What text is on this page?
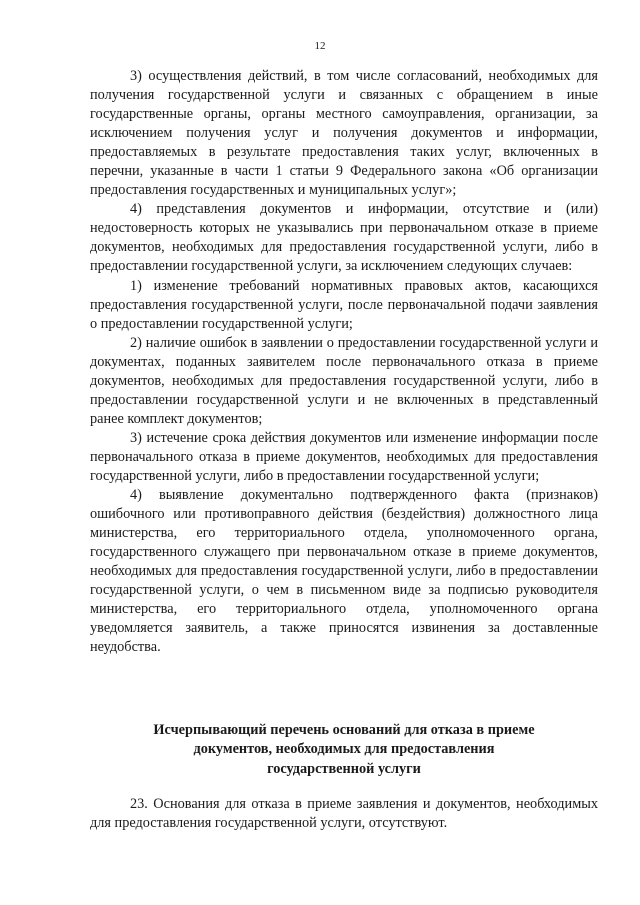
12

3) осуществления действий, в том числе согласований, необходимых для получения государственной услуги и связанных с обращением в иные государственные органы, органы местного самоуправления, организации, за исключением получения услуг и получения документов и информации, предоставляемых в результате предоставления таких услуг, включенных в перечни, указанные в части 1 статьи 9 Федерального закона «Об организации предоставления государственных и муниципальных услуг»;

4) представления документов и информации, отсутствие и (или) недостоверность которых не указывались при первоначальном отказе в приеме документов, необходимых для предоставления государственной услуги, либо в предоставлении государственной услуги, за исключением следующих случаев:

1) изменение требований нормативных правовых актов, касающихся предоставления государственной услуги, после первоначальной подачи заявления о предоставлении государственной услуги;

2) наличие ошибок в заявлении о предоставлении государственной услуги и документах, поданных заявителем после первоначального отказа в приеме документов, необходимых для предоставления государственной услуги, либо в предоставлении государственной услуги и не включенных в представленный ранее комплект документов;

3) истечение срока действия документов или изменение информации после первоначального отказа в приеме документов, необходимых для предоставления государственной услуги, либо в предоставлении государственной услуги;

4) выявление документально подтвержденного факта (признаков) ошибочного или противоправного действия (бездействия) должностного лица министерства, его территориального отдела, уполномоченного органа, государственного служащего при первоначальном отказе в приеме документов, необходимых для предоставления государственной услуги, либо в предоставлении государственной услуги, о чем в письменном виде за подписью руководителя министерства, его территориального отдела, уполномоченного органа уведомляется заявитель, а также приносятся извинения за доставленные неудобства.

Исчерпывающий перечень оснований для отказа в приеме
документов, необходимых для предоставления
государственной услуги

23. Основания для отказа в приеме заявления и документов, необходимых для предоставления государственной услуги, отсутствуют.
